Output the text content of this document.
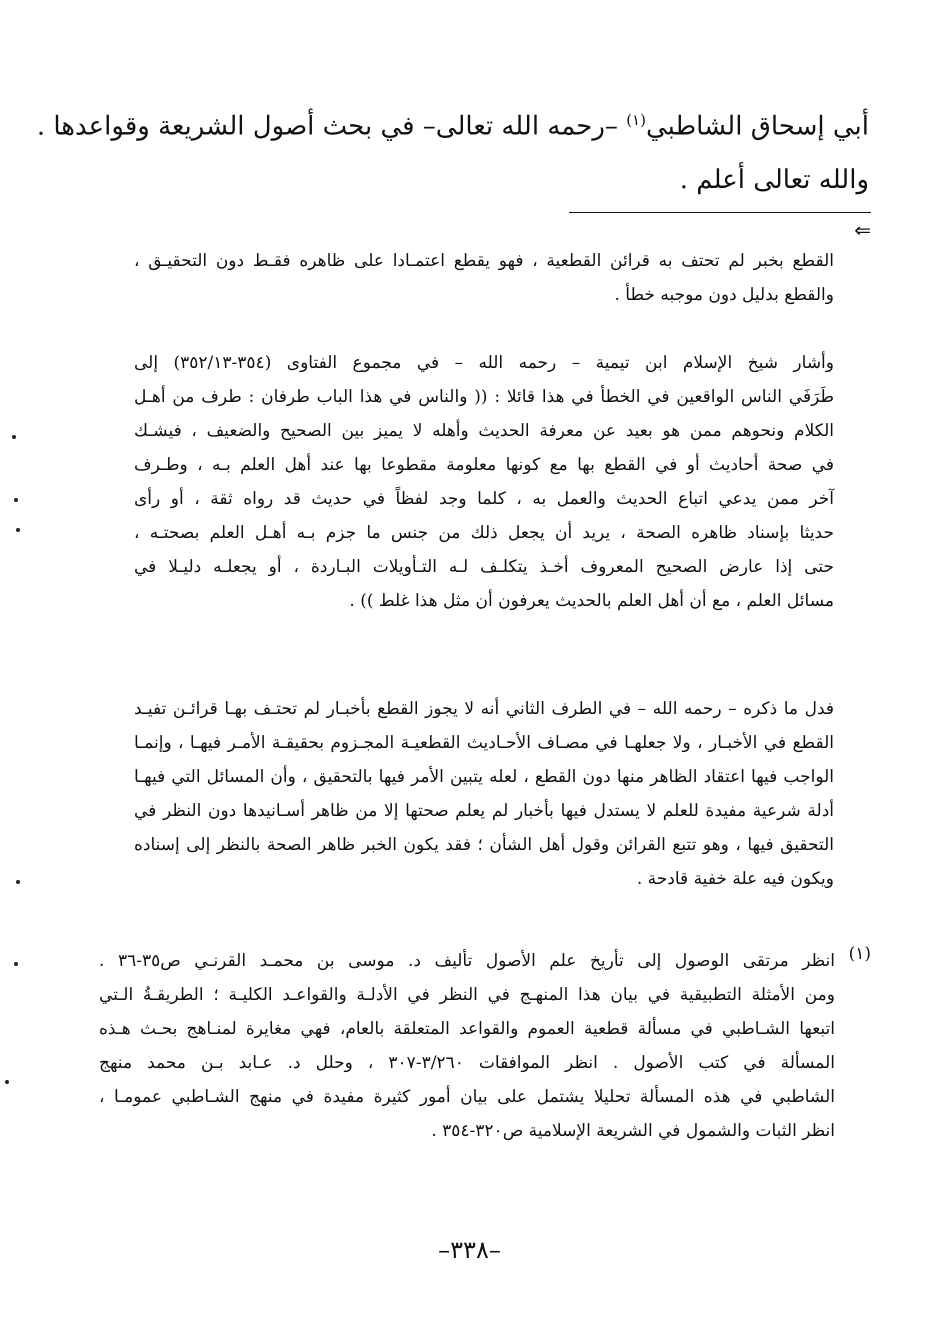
أبي إسحاق الشاطبي$^{(١)}$ –رحمه الله تعالى– في بحث أصول الشريعة وقواعدها .
والله تعالى أعلم .
⇐
القطع بخبر لم تحتف به قرائن القطعية ، فهو يقطع اعتمـادا على ظاهره فقـط دون التحقيـق ،
والقطع بدليل دون موجبه خطأ .
وأشار شيخ الإسلام ابن تيمية – رحمه الله – في مجموع الفتاوى (٣٥٤-٣٥٢/١٣) إلى
طَرَفَي الناس الواقعين في الخطأ في هذا قائلا : (( والناس في هذا الباب طرفان : طرف من أهـل
الكلام ونحوهم ممن هو بعيد عن معرفة الحديث وأهله لا يميز بين الصحيح والضعيف ، فيشـك
في صحة أحاديث أو في القطع بها مع كونها معلومة مقطوعا بها عند أهل العلم بـه ، وطـرف
آخر ممن يدعي اتباع الحديث والعمل به ، كلما وجد لفظاً في حديث قد رواه ثقة ، أو رأى
حديثا بإسناد ظاهره الصحة ، يريد أن يجعل ذلك من جنس ما جزم بـه أهـل العلم بصحتـه ،
حتى إذا عارض الصحيح المعروف أخـذ يتكلـف لـه التـأويلات البـاردة ، أو يجعلـه دليـلا في
مسائل العلم ، مع أن أهل العلم بالحديث يعرفون أن مثل هذا غلط )) .
فدل ما ذكره – رحمه الله – في الطرف الثاني أنه لا يجوز القطع بأخبـار لم تحتـف بهـا قرائـن تفيـد
القطع في الأخبـار ، ولا جعلهـا في مصـاف الأحـاديث القطعيـة المجـزوم بحقيقـة الأمـر فيهـا ، وإنمـا
الواجب فيها اعتقاد الظاهر منها دون القطع ، لعله يتبين الأمر فيها بالتحقيق ، وأن المسائل التي فيهـا
أدلة شرعية مفيدة للعلم لا يستدل فيها بأخبار لم يعلم صحتها إلا من ظاهر أسـانيدها دون النظر في
التحقيق فيها ، وهو تتبع القرائن وقول أهل الشأن ؛ فقد يكون الخبر ظاهر الصحة بالنظر إلى إسناده
ويكون فيه علة خفية قادحة .
(١)
انظر مرتقى الوصول إلى تأريخ علم الأصول تأليف د. موسى بن محمـد القرنـي ص٣٥-٣٦ .
ومن الأمثلة التطبيقية في بيان هذا المنهـج في النظر في الأدلـة والقواعـد الكليـة ؛ الطريقـةُ الـتي
اتبعها الشـاطبي في مسألة قطعية العموم والقواعد المتعلقة بالعام، فهي مغايرة لمنـاهج بحـث هـذه
المسألة في كتب الأصول . انظر الموافقات ٣/٢٦٠-٣٠٧ ، وحلل د. عـابد بـن محمد منهج
الشاطبي في هذه المسألة تحليلا يشتمل على بيان أمور كثيرة مفيدة في منهج الشـاطبي عمومـا ،
انظر الثبات والشمول في الشريعة الإسلامية ص٣٢٠-٣٥٤ .
–٣٣٨–
